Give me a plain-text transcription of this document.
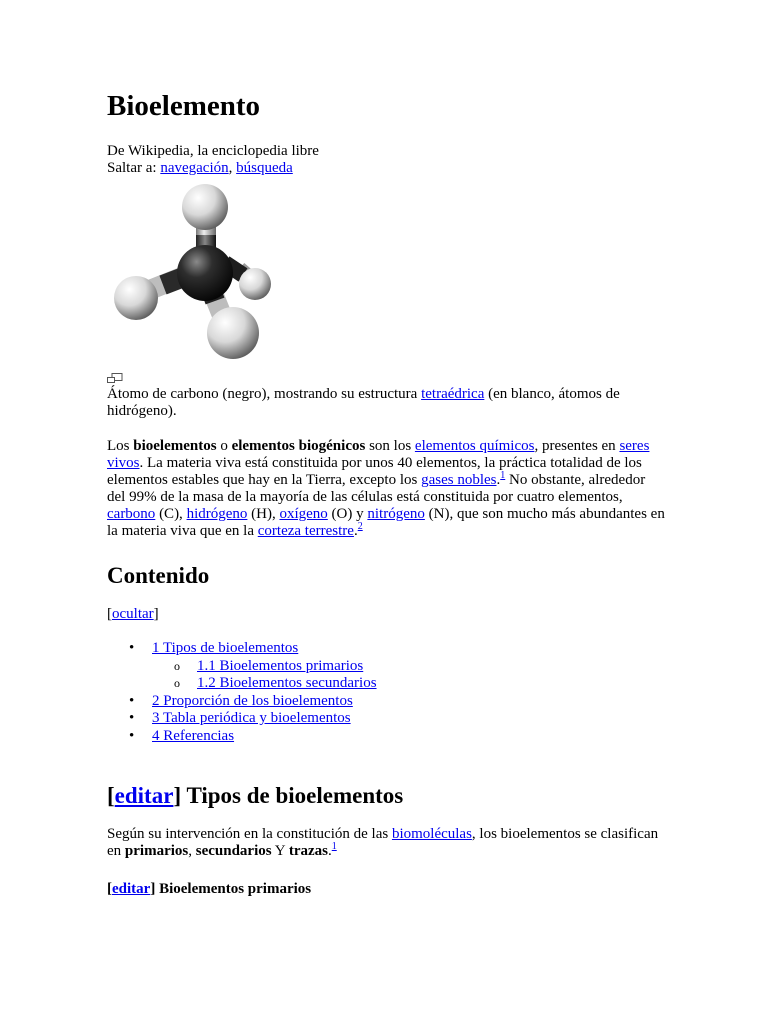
Bioelemento
De Wikipedia, la enciclopedia libre
Saltar a: navegación, búsqueda
Átomo de carbono (negro), mostrando su estructura tetraédrica (en blanco, átomos de hidrógeno).
Los bioelementos o elementos biogénicos son los elementos químicos, presentes en seres vivos. La materia viva está constituida por unos 40 elementos, la práctica totalidad de los elementos estables que hay en la Tierra, excepto los gases nobles.$^1$ No obstante, alrededor del 99% de la masa de la mayoría de las células está constituida por cuatro elementos, carbono (C), hidrógeno (H), oxígeno (O) y nitrógeno (N), que son mucho más abundantes en la materia viva que en la corteza terrestre.$^2$
Contenido
[ocultar]
• 1 Tipos de bioelementos
o 1.1 Bioelementos primarios
o 1.2 Bioelementos secundarios
• 2 Proporción de los bioelementos
• 3 Tabla periódica y bioelementos
• 4 Referencias
[editar] Tipos de bioelementos
Según su intervención en la constitución de las biomoléculas, los bioelementos se clasifican en primarios, secundarios Y trazas.$^1$
[editar] Bioelementos primarios
